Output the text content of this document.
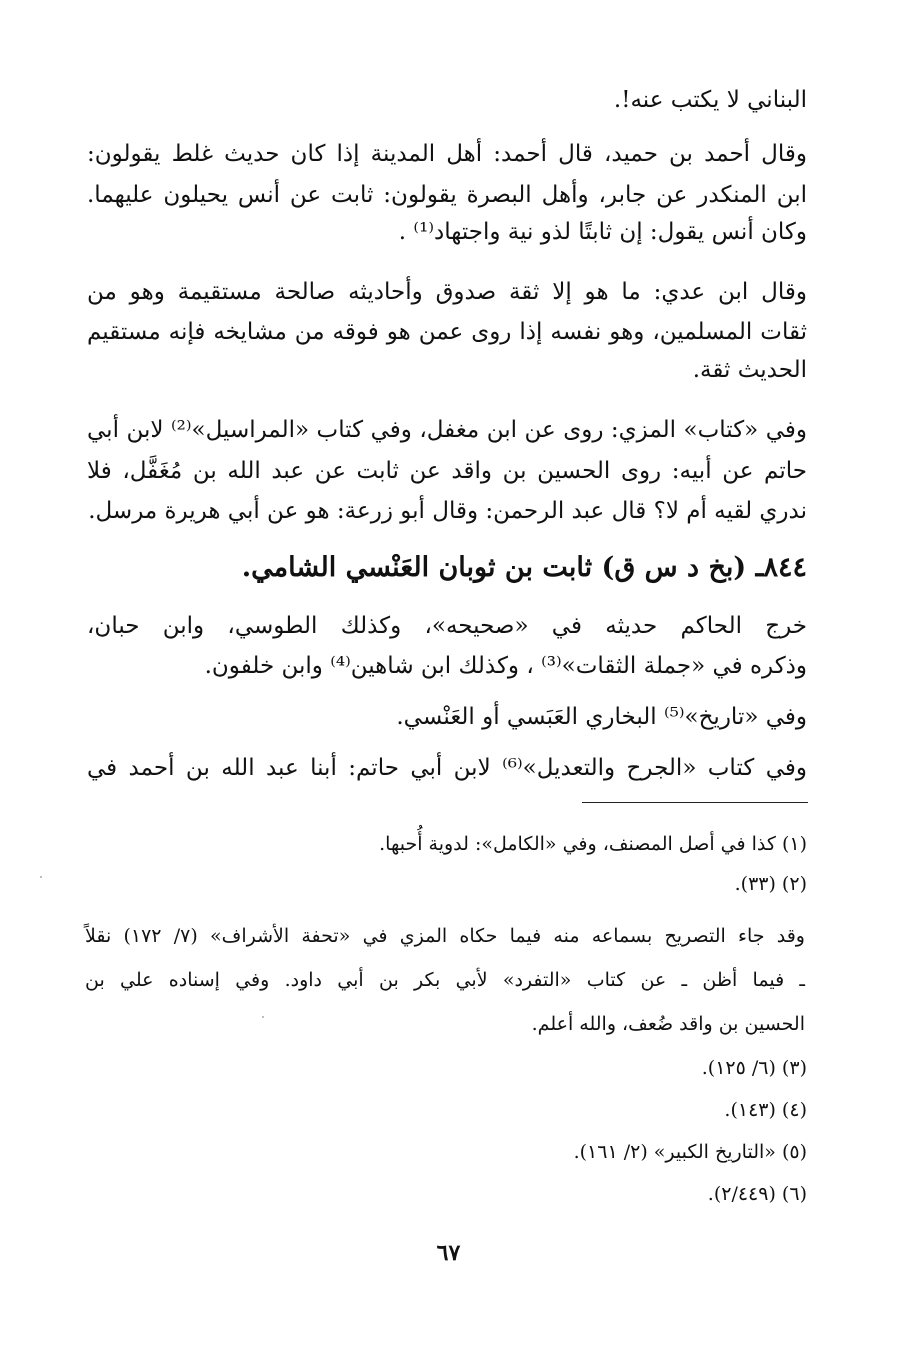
البناني لا يكتب عنه!.
وقال أحمد بن حميد، قال أحمد: أهل المدينة إذا كان حديث غلط يقولون:
ابن المنكدر عن جابر، وأهل البصرة يقولون: ثابت عن أنس يحيلون عليهما.
وكان أنس يقول: إن ثابتًا لذو نية واجتهاد⁽¹⁾ .
وقال ابن عدي: ما هو إلا ثقة صدوق وأحاديثه صالحة مستقيمة وهو من
ثقات المسلمين، وهو نفسه إذا روى عمن هو فوقه من مشايخه فإنه مستقيم
الحديث ثقة.
وفي «كتاب» المزي: روى عن ابن مغفل، وفي كتاب «المراسيل»⁽²⁾ لابن أبي
حاتم عن أبيه: روى الحسين بن واقد عن ثابت عن عبد الله بن مُغَفَّل، فلا
ندري لقيه أم لا؟ قال عبد الرحمن: وقال أبو زرعة: هو عن أبي هريرة مرسل.
٨٤٤ـ (بخ د س ق) ثابت بن ثوبان العَنْسي الشامي.
خرج الحاكم حديثه في «صحيحه»، وكذلك الطوسي، وابن حبان،
وذكره في «جملة الثقات»⁽³⁾ ، وكذلك ابن شاهين⁽⁴⁾ وابن خلفون.
وفي «تاريخ»⁽⁵⁾ البخاري العَبَسي أو العَنْسي.
وفي كتاب «الجرح والتعديل»⁽⁶⁾ لابن أبي حاتم: أبنا عبد الله بن أحمد في
(١) كذا في أصل المصنف، وفي «الكامل»: لدوية أُحبها.
(٢) (٣٣).
وقد جاء التصريح بسماعه منه فيما حكاه المزي في «تحفة الأشراف» (٧/ ١٧٢) نقلاً
ـ فيما أظن ـ عن كتاب «التفرد» لأبي بكر بن أبي داود. وفي إسناده علي بن
الحسين بن واقد ضُعف، والله أعلم.
(٣) (٦/ ١٢٥).
(٤) (١٤٣).
(٥) «التاريخ الكبير» (٢/ ١٦١).
(٦) (٢/٤٤٩).
٦٧
